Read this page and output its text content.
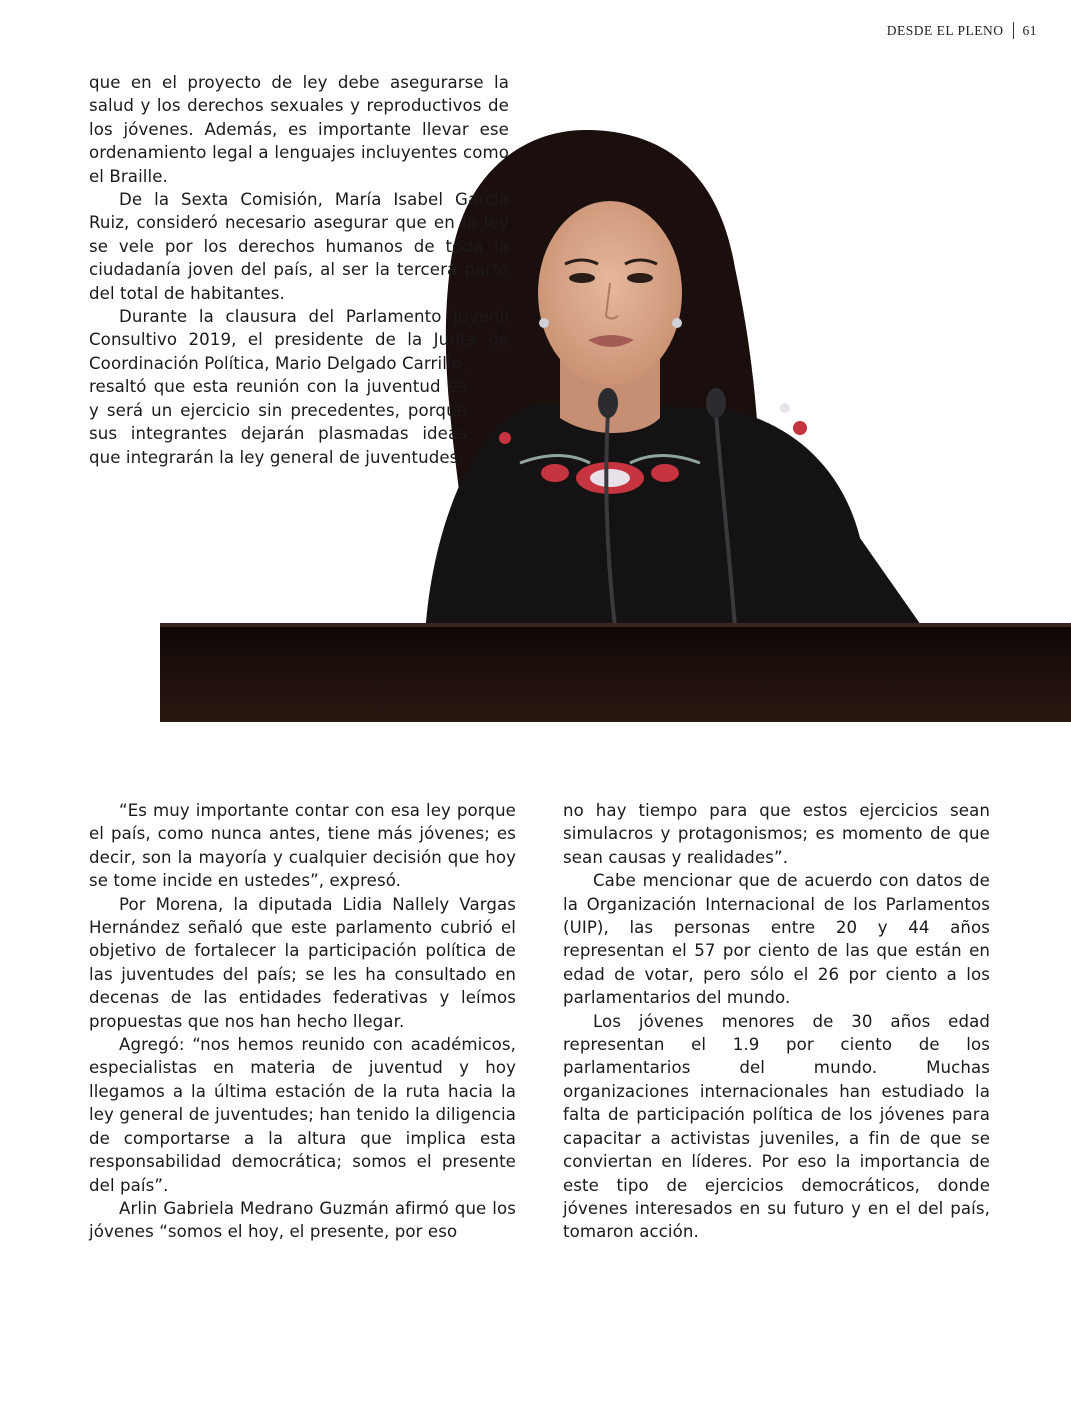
DESDE EL PLENO 61

que en el proyecto de ley debe asegurarse la salud y los derechos sexuales y reproductivos de los jóvenes. Además, es importante llevar ese ordenamiento legal a lenguajes incluyentes como el Braille.

De la Sexta Comisión, María Isabel García Ruiz, consideró necesario asegurar que en la ley se vele por los derechos humanos de toda la ciudadanía joven del país, al ser la tercera parte del total de habitantes.

Durante la clausura del Parlamento Juvenil Consultivo 2019, el presidente de la Junta de Coordinación Política, Mario Delgado Carrillo,

resaltó que esta reunión con la juventud es y será un ejercicio sin precedentes, porque sus integrantes dejarán plasmadas ideas que integrarán la ley general de juventudes.

“Es muy importante contar con esa ley porque el país, como nunca antes, tiene más jóvenes; es decir, son la mayoría y cualquier decisión que hoy se tome incide en ustedes”, expresó.

Por Morena, la diputada Lidia Nallely Vargas Hernández señaló que este parlamento cubrió el objetivo de fortalecer la participación política de las juventudes del país; se les ha consultado en decenas de las entidades federativas y leímos propuestas que nos han hecho llegar.

Agregó: “nos hemos reunido con académicos, especialistas en materia de juventud y hoy llegamos a la última estación de la ruta hacia la ley general de juventudes; han tenido la diligencia de comportarse a la altura que implica esta responsabilidad democrática; somos el presente del país”.

Arlin Gabriela Medrano Guzmán afirmó que los jóvenes “somos el hoy, el presente, por eso

no hay tiempo para que estos ejercicios sean simulacros y protagonismos; es momento de que sean causas y realidades”.

Cabe mencionar que de acuerdo con datos de la Organización Internacional de los Parlamentos (UIP), las personas entre 20 y 44 años representan el 57 por ciento de las que están en edad de votar, pero sólo el 26 por ciento a los parlamentarios del mundo.

Los jóvenes menores de 30 años edad representan el 1.9 por ciento de los parlamentarios del mundo. Muchas organizaciones internacionales han estudiado la falta de participación política de los jóvenes para capacitar a activistas juveniles, a fin de que se conviertan en líderes. Por eso la importancia de este tipo de ejercicios democráticos, donde jóvenes interesados en su futuro y en el del país, tomaron acción.
